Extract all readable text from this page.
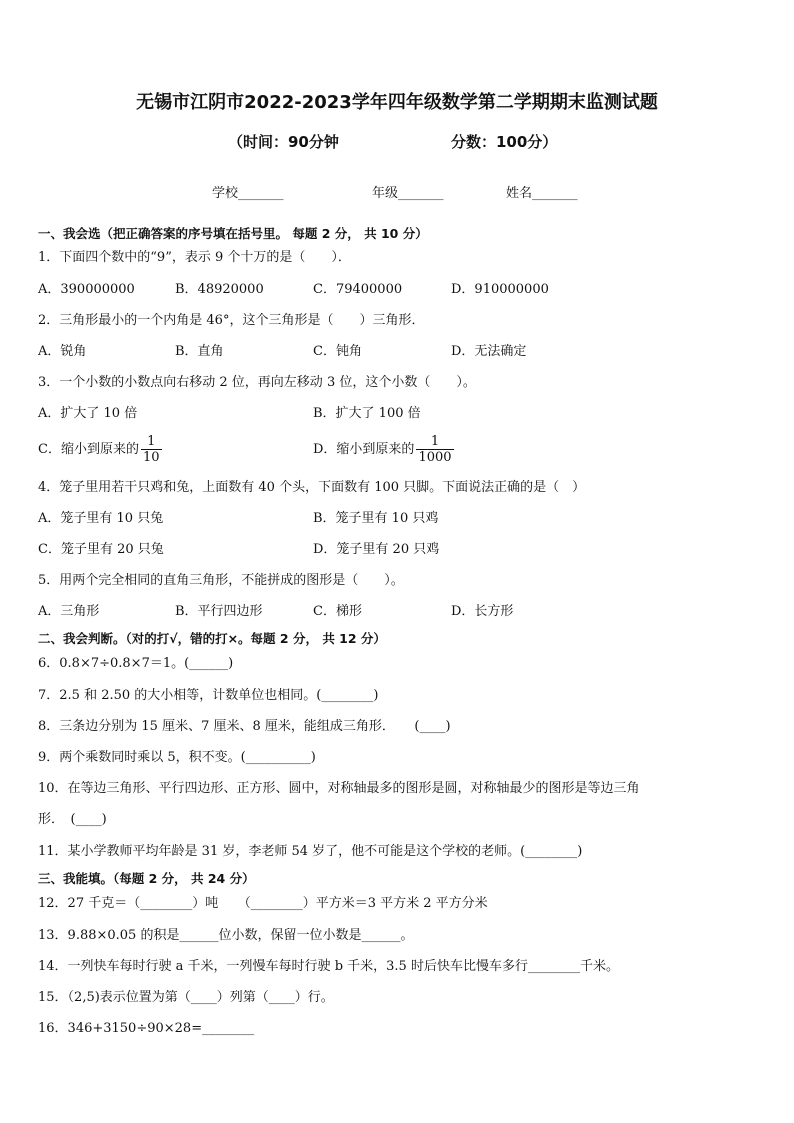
无锡市江阴市2022-2023学年四年级数学第二学期期末监测试题
（时间：90分钟	分数：100分）
学校_______	年级_______	姓名_______
一、我会选（把正确答案的序号填在括号里。 每题 2 分， 共 10 分）
1．下面四个数中的“9”，表示 9 个十万的是（　　）．
A．390000000	B．48920000	C．79400000	D．910000000
2．三角形最小的一个内角是 46°，这个三角形是（　　）三角形．
A．锐角	B．直角	C．钝角	D．无法确定
3．一个小数的小数点向右移动 2 位，再向左移动 3 位，这个小数（　　）。
A．扩大了 10 倍	B．扩大了 100 倍
C．缩小到原来的 $\frac{1}{10}$	D．缩小到原来的 $\frac{1}{1000}$
4．笼子里用若干只鸡和兔，上面数有 40 个头，下面数有 100 只脚。下面说法正确的是（　）
A．笼子里有 10 只兔	B．笼子里有 10 只鸡
C．笼子里有 20 只兔	D．笼子里有 20 只鸡
5．用两个完全相同的直角三角形，不能拼成的图形是（　　）。
A．三角形	B．平行四边形	C．梯形	D．长方形
二、我会判断。（对的打√，错的打×。每题 2 分， 共 12 分）
6．0.8×7÷0.8×7＝1。(______)
7．2.5 和 2.50 的大小相等，计数单位也相同。(________)
8．三条边分别为 15 厘米、7 厘米、8 厘米，能组成三角形．　　(____)
9．两个乘数同时乘以 5，积不变。(__________)
10．在等边三角形、平行四边形、正方形、圆中，对称轴最多的图形是圆，对称轴最少的图形是等边三角
形．　(____)
11．某小学教师平均年龄是 31 岁，李老师 54 岁了，他不可能是这个学校的老师。(________)
三、我能填。（每题 2 分， 共 24 分）
12．27 千克＝（________）吨　　（________）平方米＝3 平方米 2 平方分米
13．9.88×0.05 的积是______位小数，保留一位小数是______。
14．一列快车每时行驶 a 千米，一列慢车每时行驶 b 千米，3.5 时后快车比慢车多行________千米。
15．（2,5)表示位置为第（____）列第（____）行。
16．346+3150÷90×28=________
